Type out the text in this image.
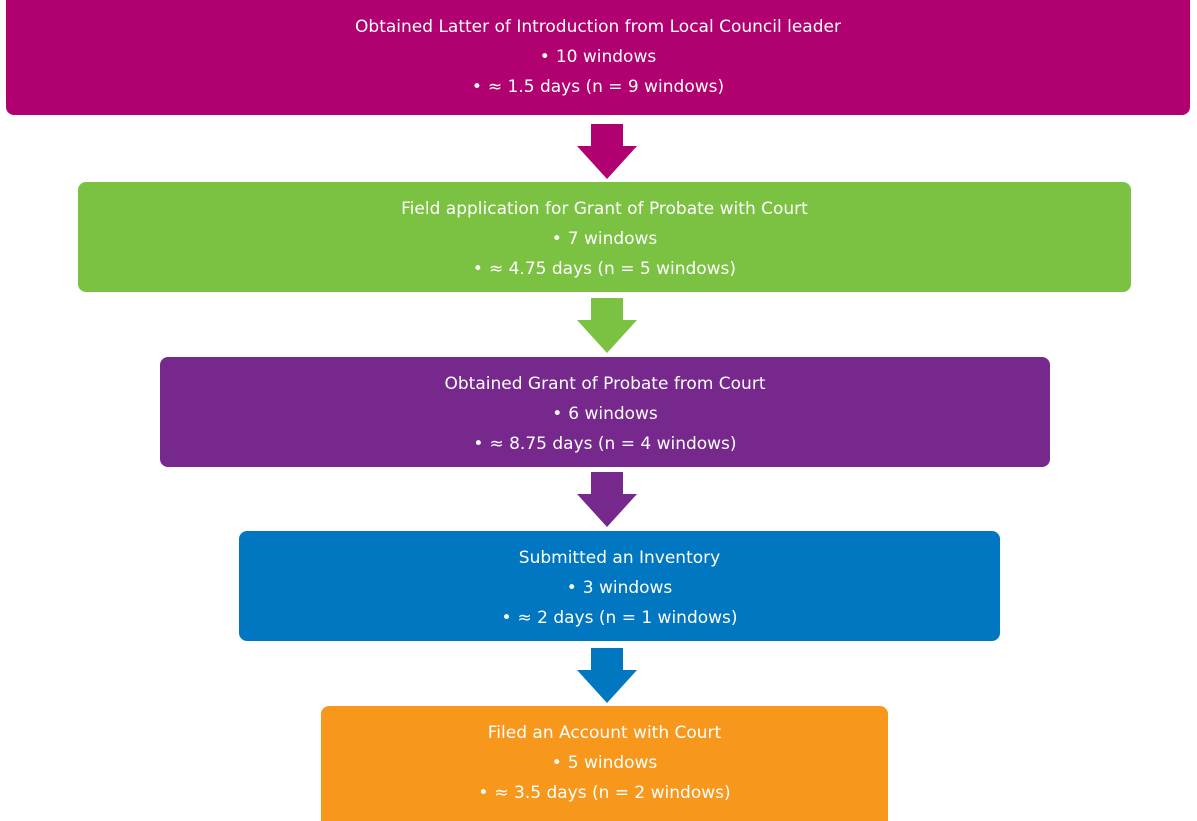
Obtained Latter of Introduction from Local Council leader
• 10 windows
• ≈ 1.5 days (n = 9 windows)
Field application for Grant of Probate with Court
• 7 windows
• ≈ 4.75 days (n = 5 windows)
Obtained Grant of Probate from Court
• 6 windows
• ≈ 8.75 days (n = 4 windows)
Submitted an Inventory
• 3 windows
• ≈ 2 days (n = 1 windows)
Filed an Account with Court
• 5 windows
• ≈ 3.5 days (n = 2 windows)
